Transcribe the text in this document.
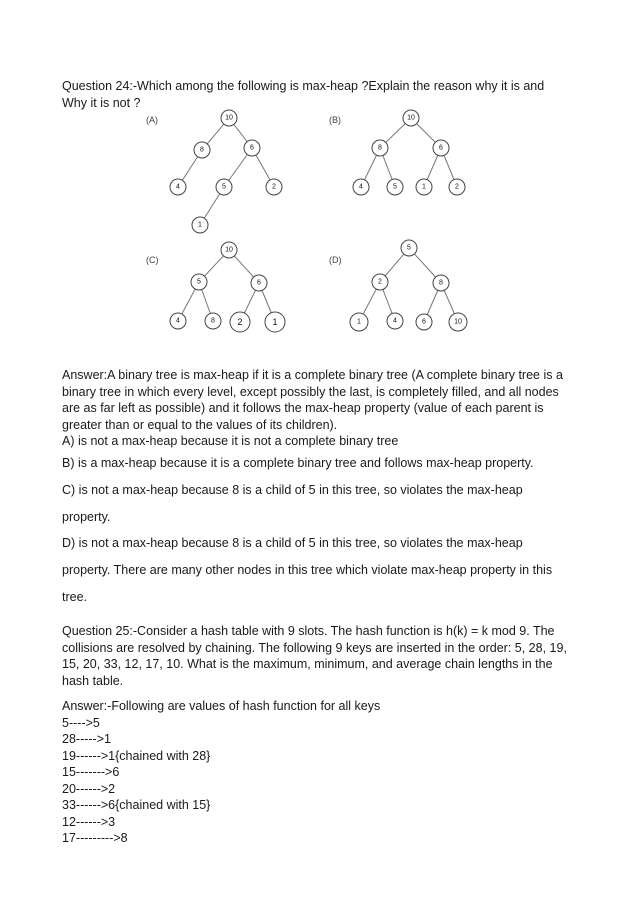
Question 24:-Which among the following is max-heap ?Explain the reason why it is and
Why it is not ?
(A)	10
8	6
4	5	2
1
(B)	10
8	6
4	5	1	2
(C)
10
5	6
4	8	2	1
(D)
5
2	8
1	4	6	10
Answer:A binary tree is max-heap if it is a complete binary tree (A complete binary tree is a
binary tree in which every level, except possibly the last, is completely filled, and all nodes
are as far left as possible) and it follows the max-heap property (value of each parent is
greater than or equal to the values of its children).
A) is not a max-heap because it is not a complete binary tree

B) is a max-heap because it is a complete binary tree and follows max-heap property.

C) is not a max-heap because 8 is a child of 5 in this tree, so violates the max-heap

property.

D) is not a max-heap because 8 is a child of 5 in this tree, so violates the max-heap

property. There are many other nodes in this tree which violate max-heap property in this

tree.

Question 25:-Consider a hash table with 9 slots. The hash function is h(k) = k mod 9. The
collisions are resolved by chaining. The following 9 keys are inserted in the order: 5, 28, 19,
15, 20, 33, 12, 17, 10. What is the maximum, minimum, and average chain lengths in the
hash table.
Answer:-Following are values of hash function for all keys
5---->5
28----->1
19------>1{chained with 28}
15------->6
20------>2
33------>6{chained with 15}
12------>3
17--------->8
